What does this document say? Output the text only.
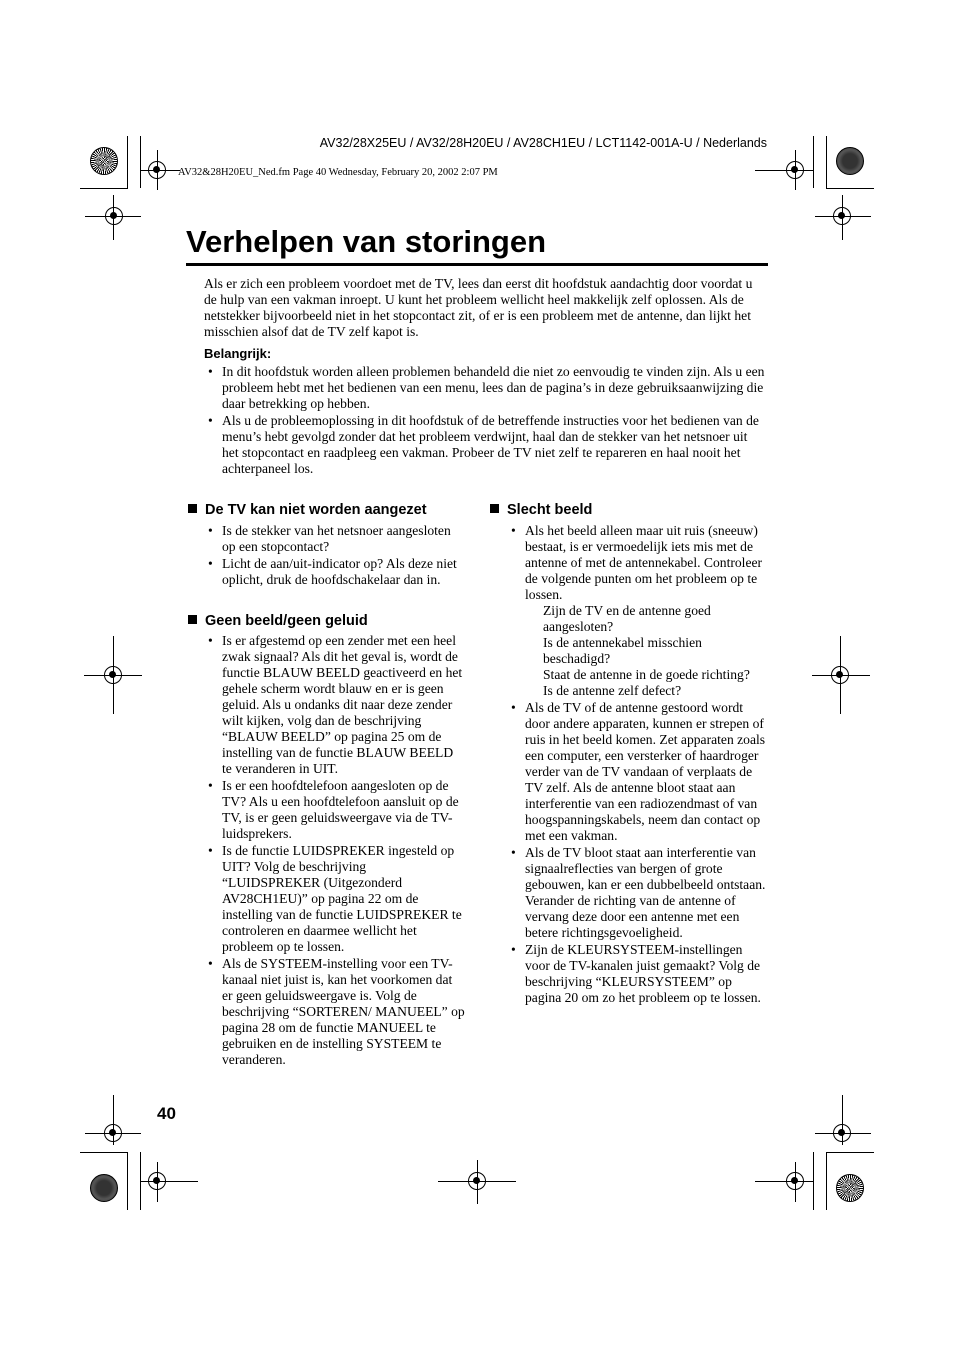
AV32/28X25EU / AV32/28H20EU / AV28CH1EU / LCT1142-001A-U / Nederlands
AV32&28H20EU_Ned.fm Page 40 Wednesday, February 20, 2002 2:07 PM
Verhelpen van storingen

Als er zich een probleem voordoet met de TV, lees dan eerst dit hoofdstuk aandachtig door voordat u de hulp van een vakman inroept. U kunt het probleem wellicht heel makkelijk zelf oplossen. Als de netstekker bijvoorbeeld niet in het stopcontact zit, of er is een probleem met de antenne, dan lijkt het misschien alsof dat de TV zelf kapot is.

Belangrijk:
• In dit hoofdstuk worden alleen problemen behandeld die niet zo eenvoudig te vinden zijn. Als u een probleem hebt met het bedienen van een menu, lees dan de pagina’s in deze gebruiksaanwijzing die daar betrekking op hebben.
• Als u de probleemoplossing in dit hoofdstuk of de betreffende instructies voor het bedienen van de menu’s hebt gevolgd zonder dat het probleem verdwijnt, haal dan de stekker van het netsnoer uit het stopcontact en raadpleeg een vakman. Probeer de TV niet zelf te repareren en haal nooit het achterpaneel los.
De TV kan niet worden aangezet
• Is de stekker van het netsnoer aangesloten op een stopcontact?
• Licht de aan/uit-indicator op? Als deze niet oplicht, druk de hoofdschakelaar dan in.
Geen beeld/geen geluid
• Is er afgestemd op een zender met een heel zwak signaal? Als dit het geval is, wordt de functie BLAUW BEELD geactiveerd en het gehele scherm wordt blauw en er is geen geluid. Als u ondanks dit naar deze zender wilt kijken, volg dan de beschrijving “BLAUW BEELD” op pagina 25 om de instelling van de functie BLAUW BEELD te veranderen in UIT.
• Is er een hoofdtelefoon aangesloten op de TV? Als u een hoofdtelefoon aansluit op de TV, is er geen geluidsweergave via de TV-luidsprekers.
• Is de functie LUIDSPREKER ingesteld op UIT? Volg de beschrijving “LUIDSPREKER (Uitgezonderd AV28CH1EU)” op pagina 22 om de instelling van de functie LUIDSPREKER te controleren en daarmee wellicht het probleem op te lossen.
• Als de SYSTEEM-instelling voor een TV-kanaal niet juist is, kan het voorkomen dat er geen geluidsweergave is. Volg de beschrijving “SORTEREN/ MANUEEL” op pagina 28 om de functie MANUEEL te gebruiken en de instelling SYSTEEM te veranderen.
Slecht beeld
• Als het beeld alleen maar uit ruis (sneeuw) bestaat, is er vermoedelijk iets mis met de antenne of met de antennekabel. Controleer de volgende punten om het probleem op te lossen.
Zijn de TV en de antenne goed aangesloten?
Is de antennekabel misschien beschadigd?
Staat de antenne in de goede richting?
Is de antenne zelf defect?
• Als de TV of de antenne gestoord wordt door andere apparaten, kunnen er strepen of ruis in het beeld komen. Zet apparaten zoals een computer, een versterker of haardroger verder van de TV vandaan of verplaats de TV zelf. Als de antenne bloot staat aan interferentie van een radiozendmast of van hoogspanningskabels, neem dan contact op met een vakman.
• Als de TV bloot staat aan interferentie van signaalreflecties van bergen of grote gebouwen, kan er een dubbelbeeld ontstaan. Verander de richting van de antenne of vervang deze door een antenne met een betere richtingsgevoeligheid.
• Zijn de KLEURSYSTEEM-instellingen voor de TV-kanalen juist gemaakt? Volg de beschrijving “KLEURSYSTEEM” op pagina 20 om zo het probleem op te lossen.
40
